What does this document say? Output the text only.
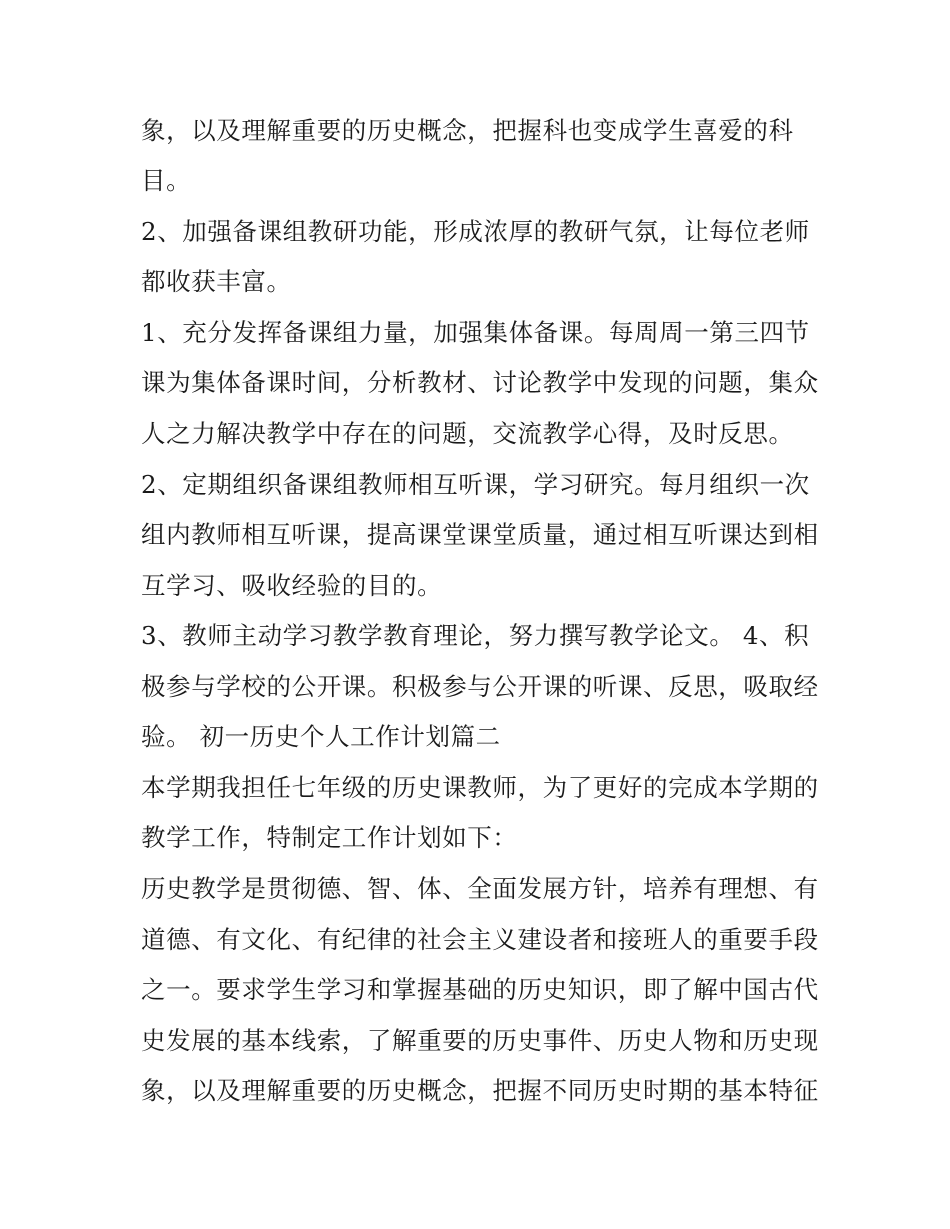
象，以及理解重要的历史概念，把握科也变成学生喜爱的科
目。
2、加强备课组教研功能，形成浓厚的教研气氛，让每位老师
都收获丰富。
1、充分发挥备课组力量，加强集体备课。每周周一第三四节
课为集体备课时间，分析教材、讨论教学中发现的问题，集众
人之力解决教学中存在的问题，交流教学心得，及时反思。
2、定期组织备课组教师相互听课，学习研究。每月组织一次
组内教师相互听课，提高课堂课堂质量，通过相互听课达到相
互学习、吸收经验的目的。
3、教师主动学习教学教育理论，努力撰写教学论文。 4、积
极参与学校的公开课。积极参与公开课的听课、反思，吸取经
验。 初一历史个人工作计划篇二
本学期我担任七年级的历史课教师，为了更好的完成本学期的
教学工作，特制定工作计划如下：
历史教学是贯彻德、智、体、全面发展方针，培养有理想、有
道德、有文化、有纪律的社会主义建设者和接班人的重要手段
之一。要求学生学习和掌握基础的历史知识，即了解中国古代
史发展的基本线索，了解重要的历史事件、历史人物和历史现
象，以及理解重要的历史概念，把握不同历史时期的基本特征
